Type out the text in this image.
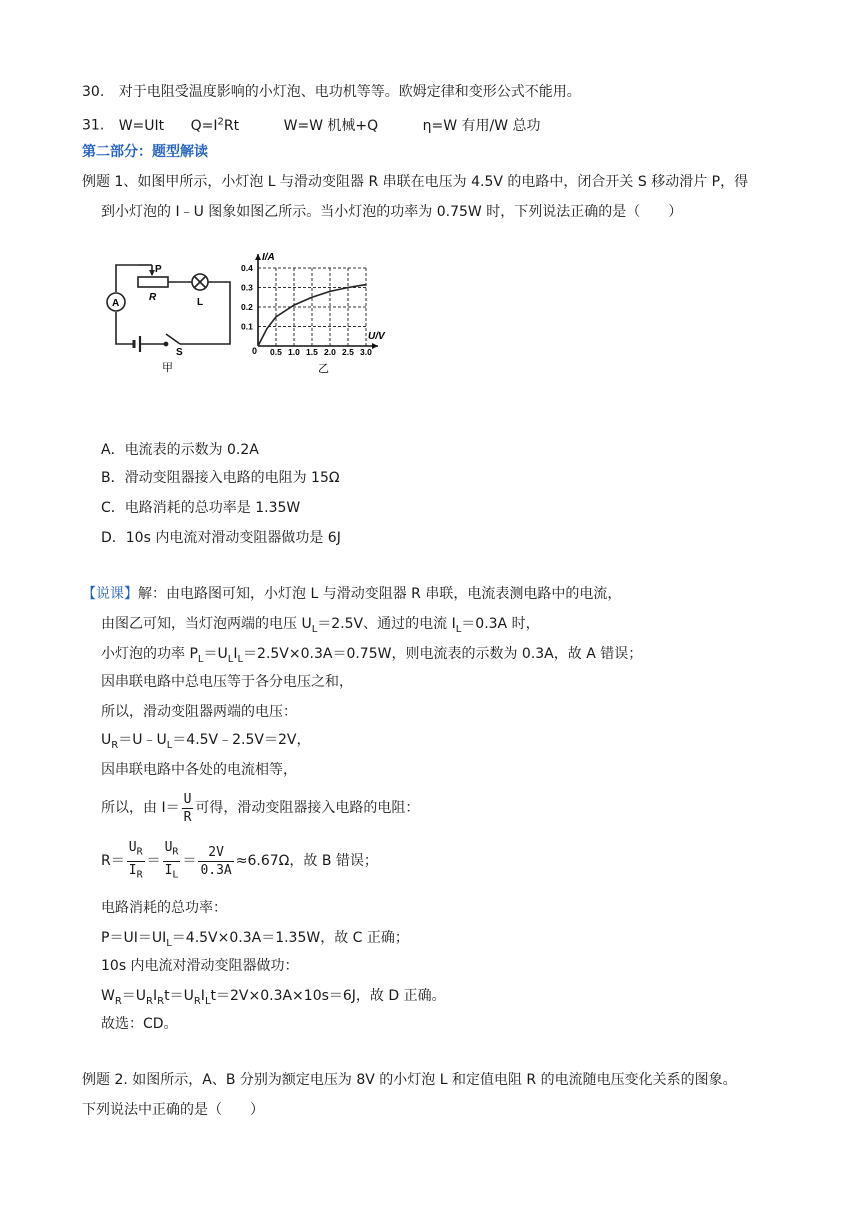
30. 对于电阻受温度影响的小灯泡、电功机等等。欧姆定律和变形公式不能用。
31. W=UIt $Q=I^2Rt$	W=W 机械+Q	η=W 有用/W 总功
第二部分：题型解读
例题 1、如图甲所示，小灯泡 L 与滑动变阻器 R 串联在电压为 4.5V 的电路中，闭合开关 S 移动滑片 P，得
到小灯泡的 I﹣U 图象如图乙所示。当小灯泡的功率为 0.75W 时，下列说法正确的是（　　）
P
R	L
A
S
甲
0.5 1.0 1.5 2.0 2.5 3.0
0.1
0.2
0.3
0.4
I/A
U/V
0
乙
A．电流表的示数为 0.2A
B．滑动变阻器接入电路的电阻为 15Ω
C．电路消耗的总功率是 1.35W
D．10s 内电流对滑动变阻器做功是 6J
【说课】解：由电路图可知，小灯泡 L 与滑动变阻器 R 串联，电流表测电路中的电流，
由图乙可知，当灯泡两端的电压 $U_L=2.5V$、通过的电流 $I_L=0.3A$ 时，
小灯泡的功率 $P_L=U_LI_L=2.5V\times 0.3A=0.75W$，则电流表的示数为 0.3A，故 A 错误；
因串联电路中总电压等于各分电压之和，
所以，滑动变阻器两端的电压：
$U_R=U﹣U_L=4.5V﹣2.5V=2V$，
因串联电路中各处的电流相等，
所以，由 $I= \frac{U}{R}$ 可得，滑动变阻器接入电路的电阻：
$R= \frac{U_R}{I_R} = \frac{U_R}{I_L} = \frac{2V}{0.3A} \approx 6.67\Omega$，故 B 错误；
电路消耗的总功率：
$P=UI=UI_L=4.5V\times 0.3A=1.35W$，故 C 正确；
10s 内电流对滑动变阻器做功：
$W_R=U_RI_Rt=U_RI_Lt=2V\times 0.3A\times 10s=6J$，故 D 正确。
故选：CD。
例题 2. 如图所示，A、B 分别为额定电压为 8V 的小灯泡 L 和定值电阻 R 的电流随电压变化关系的图象。
下列说法中正确的是（　　）
